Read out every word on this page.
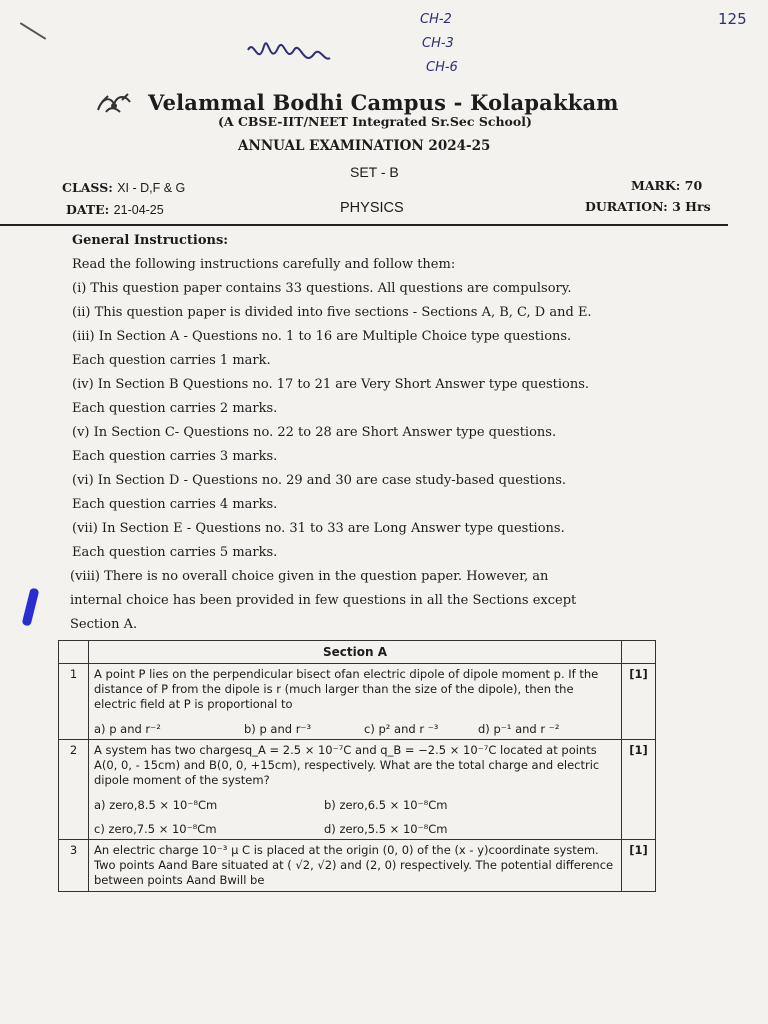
CH-2
CH-3
CH-6
125
Velammal Bodhi Campus - Kolapakkam
(A CBSE-IIT/NEET Integrated Sr.Sec School)
ANNUAL EXAMINATION 2024-25
SET - B
CLASS: XI - D,F & G
DATE: 21-04-25	PHYSICS
MARK: 70
DURATION: 3 Hrs
General Instructions:
Read the following instructions carefully and follow them:
(i) This question paper contains 33 questions. All questions are compulsory.
(ii) This question paper is divided into five sections - Sections A, B, C, D and E.
(iii) In Section A - Questions no. 1 to 16 are Multiple Choice type questions.
Each question carries 1 mark.
(iv) In Section B Questions no. 17 to 21 are Very Short Answer type questions.
Each question carries 2 marks.
(v) In Section C- Questions no. 22 to 28 are Short Answer type questions.
Each question carries 3 marks.
(vi) In Section D - Questions no. 29 and 30 are case study-based questions.
Each question carries 4 marks.
(vii) In Section E - Questions no. 31 to 33 are Long Answer type questions.
Each question carries 5 marks.
(viii) There is no overall choice given in the question paper. However, an
internal choice has been provided in few questions in all the Sections except
Section A.
	Section A	
1	A point P lies on the perpendicular bisect ofan electric dipole of dipole moment p. If the distance of P from the dipole is r (much larger than the size of the dipole), then the electric field at P is proportional to
a) p and r⁻² b) p and r⁻³ c) p² and r ⁻³ d) p⁻¹ and r ⁻²	[1]
2	A system has two chargesq_A = 2.5 × 10⁻⁷C and q_B = −2.5 × 10⁻⁷C located at points A(0, 0, - 15cm) and B(0, 0, +15cm), respectively. What are the total charge and electric dipole moment of the system?
a) zero,8.5 × 10⁻⁸Cm b) zero,6.5 × 10⁻⁸Cm
c) zero,7.5 × 10⁻⁸Cm d) zero,5.5 × 10⁻⁸Cm	[1]
3	An electric charge 10⁻³ μ C is placed at the origin (0, 0) of the (x - y)coordinate system. Two points Aand Bare situated at ( √2, √2) and (2, 0) respectively. The potential difference between points Aand Bwill be	[1]
